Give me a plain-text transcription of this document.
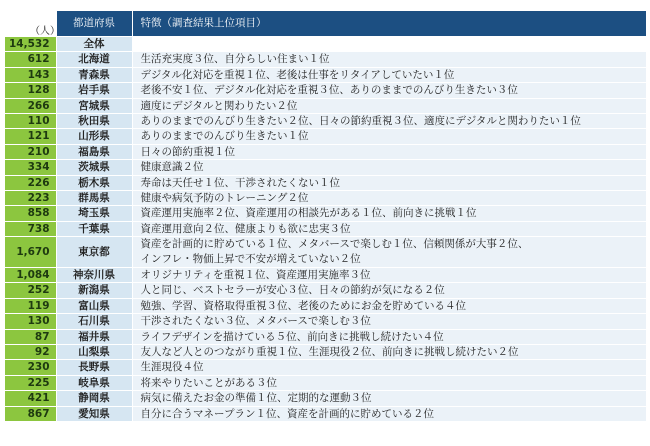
	都道府県	特徴（調査結果上位項目）
14,532	全体	
612	北海道	生活充実度３位、自分らしい住まい１位
143	青森県	デジタル化対応を重視１位、老後は仕事をリタイアしていたい１位
128	岩手県	老後不安１位、デジタル化対応を重視３位、ありのままでのんびり生きたい３位
266	宮城県	適度にデジタルと関わりたい２位
110	秋田県	ありのままでのんびり生きたい２位、日々の節約重視３位、適度にデジタルと関わりたい１位
121	山形県	ありのままでのんびり生きたい１位
210	福島県	日々の節約重視１位
334	茨城県	健康意識２位
226	栃木県	寿命は天任せ１位、干渉されたくない１位
223	群馬県	健康や病気予防のトレーニング２位
858	埼玉県	資産運用実施率２位、資産運用の相談先がある１位、前向きに挑戦１位
738	千葉県	資産運用意向２位、健康よりも欲に忠実３位
1,670	東京都	資産を計画的に貯めている１位、メタバースで楽しむ１位、信頼関係が大事２位、
インフレ・物価上昇で不安が増えていない２位

1,084	神奈川県	オリジナリティを重視１位、資産運用実施率３位
252	新潟県	人と同じ、ベストセラーが安心３位、日々の節約が気になる２位
119	富山県	勉強、学習、資格取得重視３位、老後のためにお金を貯めている４位
130	石川県	干渉されたくない３位、メタバースで楽しむ３位
87	福井県	ライフデザインを描けている５位、前向きに挑戦し続けたい４位
92	山梨県	友人など人とのつながり重視１位、生涯現役２位、前向きに挑戦し続けたい２位
230	長野県	生涯現役４位
225	岐阜県	将来やりたいことがある３位
421	静岡県	病気に備えたお金の準備１位、定期的な運動３位
867	愛知県	自分に合うマネープラン１位、資産を計画的に貯めている２位
（人）
